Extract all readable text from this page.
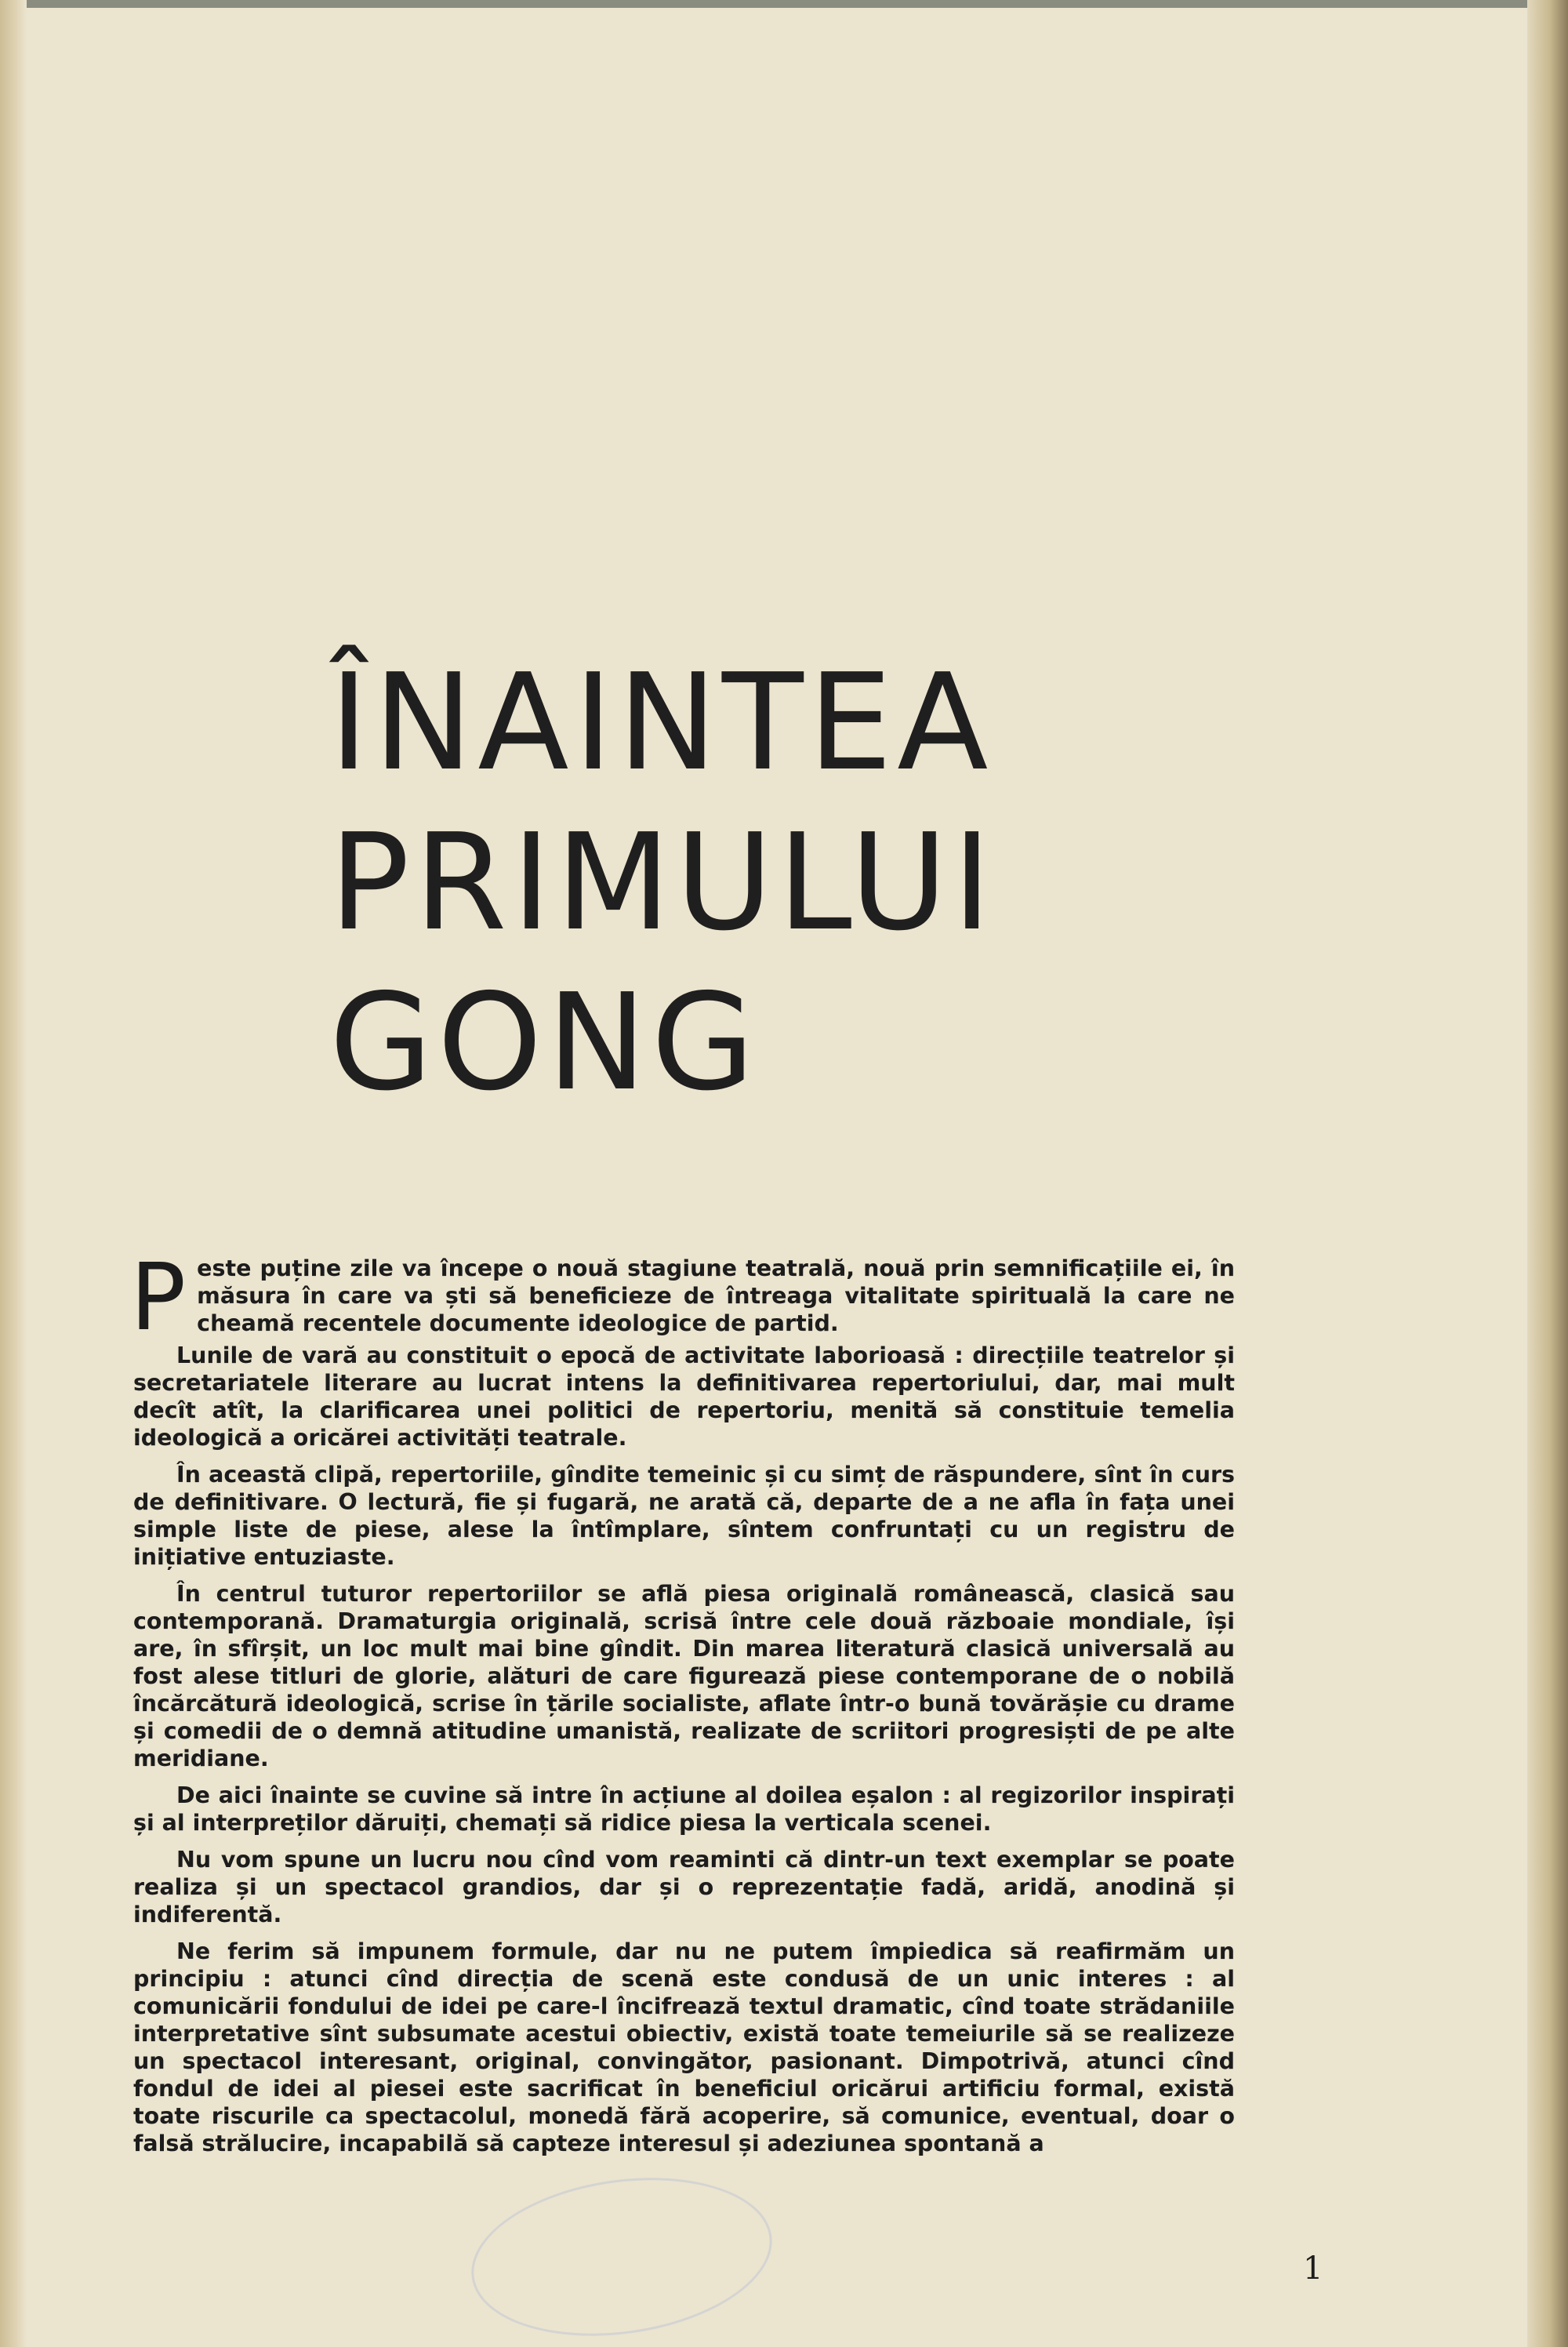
ÎNAINTEA
PRIMULUI
GONG

Peste puține zile va începe o nouă stagiune teatrală, nouă prin semnificațiile ei, în măsura în care va ști să beneficieze de întreaga vitalitate spirituală la care ne cheamă recentele documente ideologice de partid.

Lunile de vară au constituit o epocă de activitate laborioasă : direcțiile teatrelor și secretariatele literare au lucrat intens la definitivarea repertoriului, dar, mai mult decît atît, la clarificarea unei politici de repertoriu, menită să constituie temelia ideologică a oricărei activități teatrale.

În această clipă, repertoriile, gîndite temeinic și cu simț de răspundere, sînt în curs de definitivare. O lectură, fie și fugară, ne arată că, departe de a ne afla în fața unei simple liste de piese, alese la întîmplare, sîntem confruntați cu un registru de inițiative entuziaste.

În centrul tuturor repertoriilor se află piesa originală românească, clasică sau contemporană. Dramaturgia originală, scrisă între cele două războaie mondiale, își are, în sfîrșit, un loc mult mai bine gîndit. Din marea literatură clasică universală au fost alese titluri de glorie, alături de care figurează piese contemporane de o nobilă încărcătură ideologică, scrise în țările socialiste, aflate într-o bună tovărășie cu drame și comedii de o demnă atitudine umanistă, realizate de scriitori progresiști de pe alte meridiane.

De aici înainte se cuvine să intre în acțiune al doilea eșalon : al regizorilor inspirați și al interpreților dăruiți, chemați să ridice piesa la verticala scenei.

Nu vom spune un lucru nou cînd vom reaminti că dintr-un text exemplar se poate realiza și un spectacol grandios, dar și o reprezentație fadă, aridă, anodină și indiferentă.

Ne ferim să impunem formule, dar nu ne putem împiedica să reafirmăm un principiu : atunci cînd direcția de scenă este condusă de un unic interes : al comunicării fondului de idei pe care-l încifrează textul dramatic, cînd toate strădaniile interpretative sînt subsumate acestui obiectiv, există toate temeiurile să se realizeze un spectacol interesant, original, convingător, pasionant. Dimpotrivă, atunci cînd fondul de idei al piesei este sacrificat în beneficiul oricărui artificiu formal, există toate riscurile ca spectacolul, monedă fără acoperire, să comunice, eventual, doar o falsă strălucire, incapabilă să capteze interesul și adeziunea spontană a

1
